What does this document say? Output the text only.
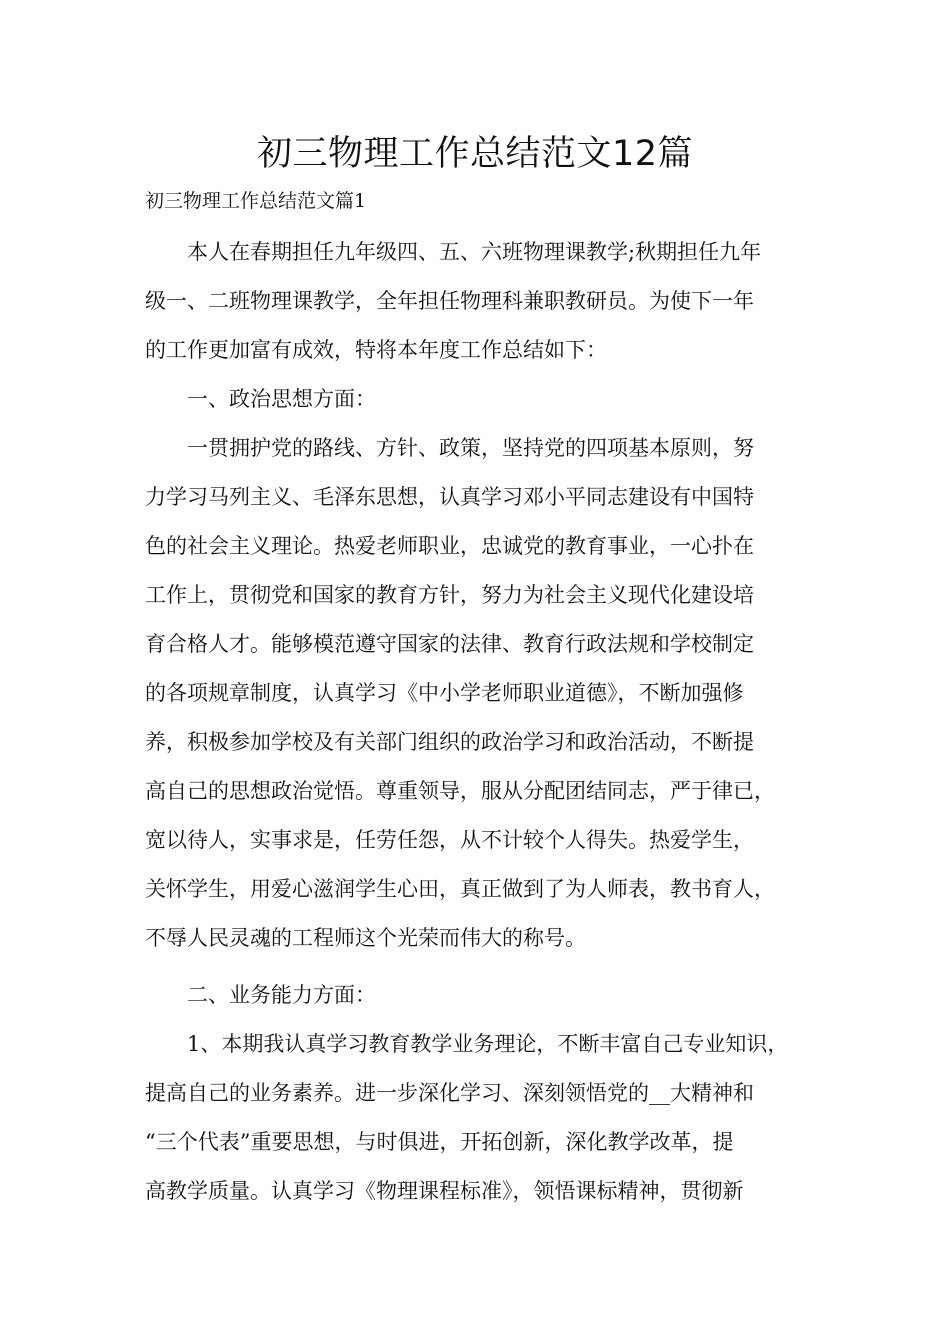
初三物理工作总结范文12篇

初三物理工作总结范文篇1

　　本人在春期担任九年级四、五、六班物理课教学;秋期担任九年

级一、二班物理课教学，全年担任物理科兼职教研员。为使下一年

的工作更加富有成效，特将本年度工作总结如下：

　　一、政治思想方面：

　　一贯拥护党的路线、方针、政策，坚持党的四项基本原则，努

力学习马列主义、毛泽东思想，认真学习邓小平同志建设有中国特

色的社会主义理论。热爱老师职业，忠诚党的教育事业，一心扑在

工作上，贯彻党和国家的教育方针，努力为社会主义现代化建设培

育合格人才。能够模范遵守国家的法律、教育行政法规和学校制定

的各项规章制度，认真学习《中小学老师职业道德》，不断加强修

养，积极参加学校及有关部门组织的政治学习和政治活动，不断提

高自己的思想政治觉悟。尊重领导，服从分配团结同志，严于律已，

宽以待人，实事求是，任劳任怨，从不计较个人得失。热爱学生，

关怀学生，用爱心滋润学生心田，真正做到了为人师表，教书育人，

不辱人民灵魂的工程师这个光荣而伟大的称号。

　　二、业务能力方面：

　　1、本期我认真学习教育教学业务理论，不断丰富自己专业知识，

提高自己的业务素养。进一步深化学习、深刻领悟党的__大精神和

“三个代表”重要思想，与时俱进，开拓创新，深化教学改革，提

高教学质量。认真学习《物理课程标准》，领悟课标精神，贯彻新
